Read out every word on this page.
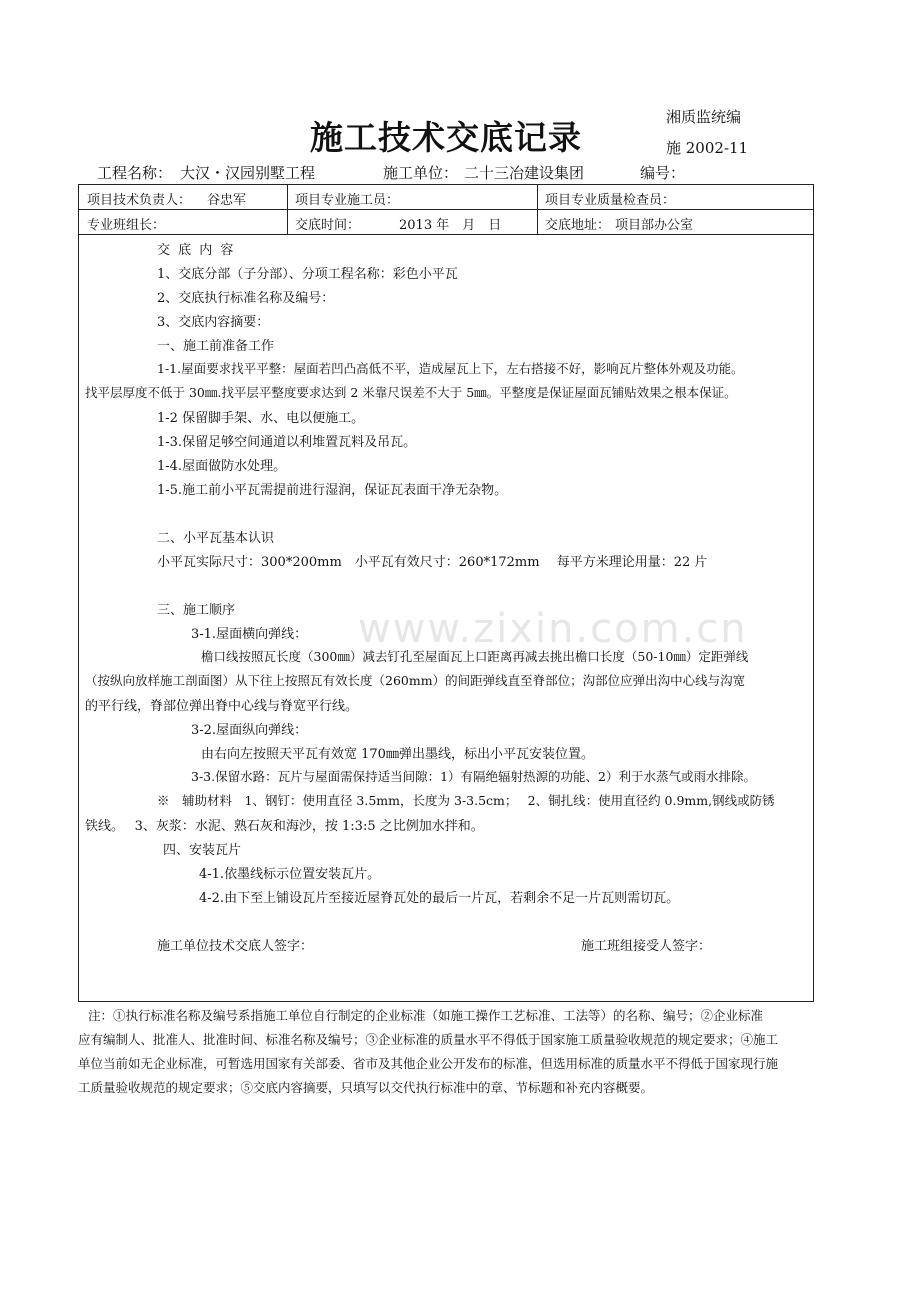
湘质监统编
施 2002-11
施工技术交底记录
工程名称： 大汉・汉园别墅工程	施工单位： 二十三冶建设集团	编号：
项目技术负责人： 谷忠军	项目专业施工员：	项目专业质量检查员：
专业班组长：	交底时间：	2013 年　月　日	交底地址： 项目部办公室
交 底 内 容
1、交底分部（子分部）、分项工程名称：彩色小平瓦
2、交底执行标准名称及编号：
3、交底内容摘要：
一、施工前准备工作
1-1.屋面要求找平平整：屋面若凹凸高低不平，造成屋瓦上下，左右搭接不好，影响瓦片整体外观及功能。
找平层厚度不低于 30㎜.找平层平整度要求达到 2 米靠尺误差不大于 5㎜。平整度是保证屋面瓦铺贴效果之根本保证。
1-2 保留脚手架、水、电以便施工。
1-3.保留足够空间通道以利堆置瓦料及吊瓦。
1-4.屋面做防水处理。
1-5.施工前小平瓦需提前进行湿润，保证瓦表面干净无杂物。
二、小平瓦基本认识
小平瓦实际尺寸：300*200mm　小平瓦有效尺寸：260*172mm　 每平方米理论用量：22 片
三、施工顺序
3-1.屋面横向弹线：
檐口线按照瓦长度（300㎜）减去钉孔至屋面瓦上口距离再减去挑出檐口长度（50-10㎜）定距弹线
（按纵向放样施工剖面图）从下往上按照瓦有效长度（260mm）的间距弹线直至脊部位；沟部位应弹出沟中心线与沟宽
的平行线，脊部位弹出脊中心线与脊宽平行线。
3-2.屋面纵向弹线：
由右向左按照天平瓦有效宽 170㎜弹出墨线，标出小平瓦安装位置。
3-3.保留水路：瓦片与屋面需保持适当间隙：1）有隔绝辐射热源的功能、2）利于水蒸气或雨水排除。
※　辅助材料　1、钢钉：使用直径 3.5mm，长度为 3-3.5cm；　 2、铜扎线：使用直径约 0.9mm,钢线或防锈
铁线。　 3、灰浆：水泥、熟石灰和海沙，按 1:3:5 之比例加水拌和。
四、安装瓦片
4-1.依墨线标示位置安装瓦片。
4-2.由下至上铺设瓦片至接近屋脊瓦处的最后一片瓦，若剩余不足一片瓦则需切瓦。
施工单位技术交底人签字：	施工班组接受人签字：
www.zixin.com.cn
注：①执行标准名称及编号系指施工单位自行制定的企业标准（如施工操作工艺标准、工法等）的名称、编号；②企业标准
应有编制人、批准人、批准时间、标准名称及编号；③企业标准的质量水平不得低于国家施工质量验收规范的规定要求；④施工
单位当前如无企业标准，可暂选用国家有关部委、省市及其他企业公开发布的标准，但选用标准的质量水平不得低于国家现行施
工质量验收规范的规定要求；⑤交底内容摘要，只填写以交代执行标准中的章、节标题和补充内容概要。
